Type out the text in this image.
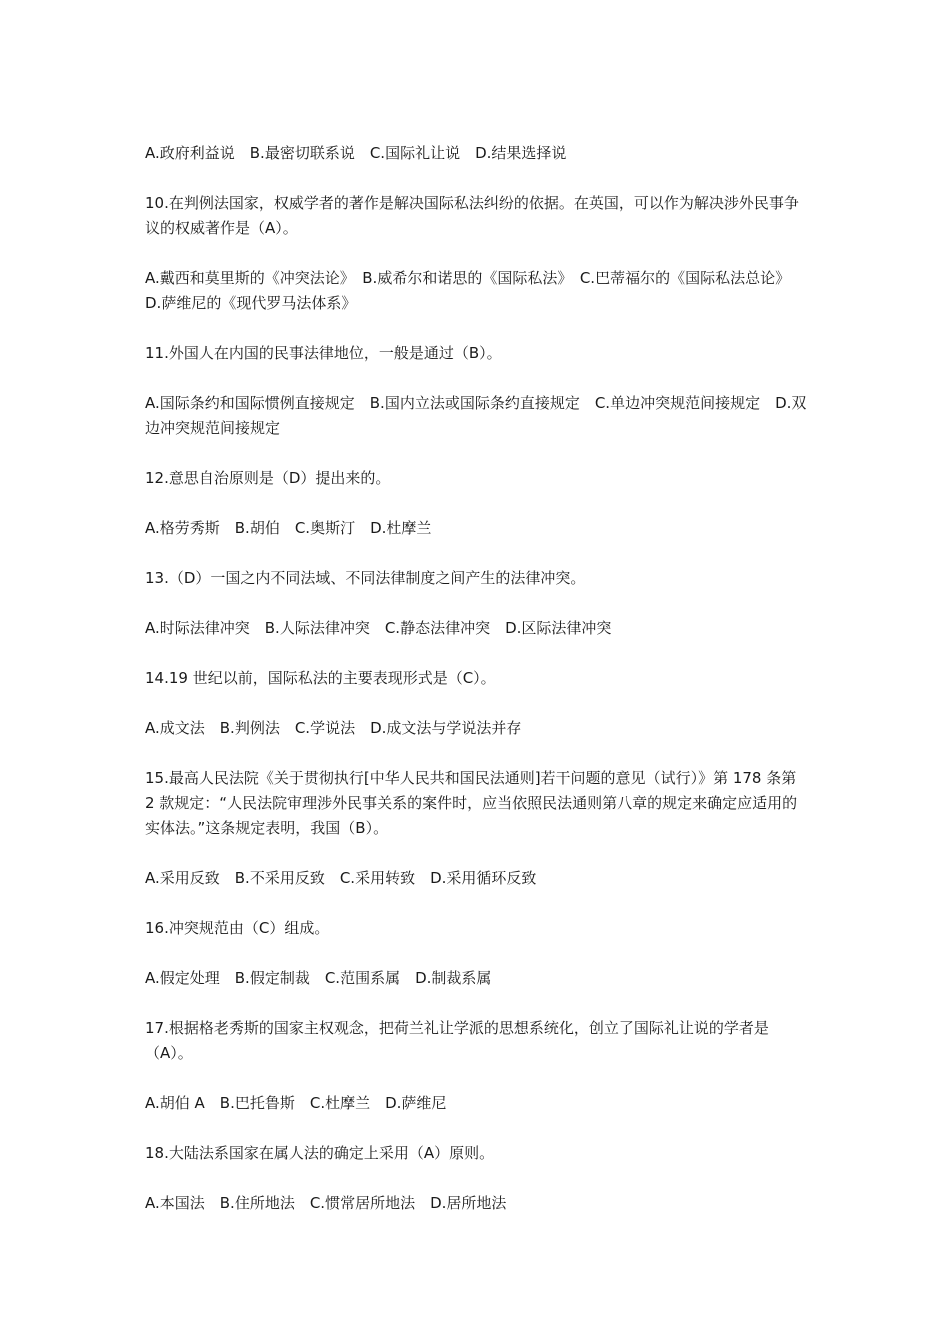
A.政府利益说　B.最密切联系说　C.国际礼让说　D.结果选择说

10.在判例法国家，权威学者的著作是解决国际私法纠纷的依据。在英国，可以作为解决涉外民事争议的权威著作是（A）。

A.戴西和莫里斯的《冲突法论》　B.威希尔和诺思的《国际私法》　C.巴蒂福尔的《国际私法总论》　D.萨维尼的《现代罗马法体系》

11.外国人在内国的民事法律地位，一般是通过（B）。

A.国际条约和国际惯例直接规定　B.国内立法或国际条约直接规定　C.单边冲突规范间接规定　D.双边冲突规范间接规定

12.意思自治原则是（D）提出来的。

A.格劳秀斯　B.胡伯　C.奥斯汀　D.杜摩兰

13.（D）一国之内不同法域、不同法律制度之间产生的法律冲突。

A.时际法律冲突　B.人际法律冲突　C.静态法律冲突　D.区际法律冲突

14.19 世纪以前，国际私法的主要表现形式是（C）。

A.成文法　B.判例法　C.学说法　D.成文法与学说法并存

15.最高人民法院《关于贯彻执行[中华人民共和国民法通则]若干问题的意见（试行）》第 178 条第 2 款规定：“人民法院审理涉外民事关系的案件时，应当依照民法通则第八章的规定来确定应适用的实体法。”这条规定表明，我国（B）。

A.采用反致　B.不采用反致　C.采用转致　D.采用循环反致

16.冲突规范由（C）组成。

A.假定处理　B.假定制裁　C.范围系属　D.制裁系属

17.根据格老秀斯的国家主权观念，把荷兰礼让学派的思想系统化，创立了国际礼让说的学者是（A）。

A.胡伯 A　B.巴托鲁斯　C.杜摩兰　D.萨维尼

18.大陆法系国家在属人法的确定上采用（A）原则。

A.本国法　B.住所地法　C.惯常居所地法　D.居所地法
